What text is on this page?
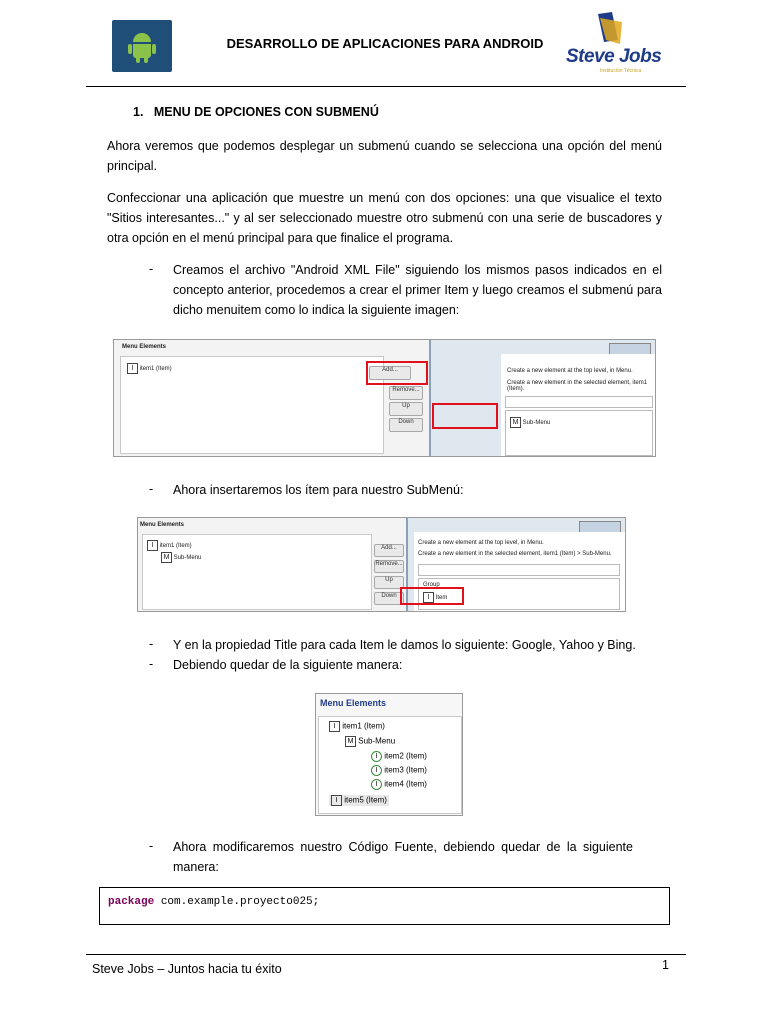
DESARROLLO DE APLICACIONES PARA ANDROID
Steve Jobs
Institución Técnica
1.   MENU DE OPCIONES CON SUBMENÚ
Ahora veremos que podemos desplegar un submenú cuando se selecciona una opción del menú principal.
Confeccionar una aplicación que muestre un menú con dos opciones: una que visualice el texto "Sitios interesantes..." y al ser seleccionado muestre otro submenú con una serie de buscadores y otra opción en el menú principal para que finalice el programa.
- Creamos el archivo "Android XML File" siguiendo los mismos pasos indicados en el concepto anterior, procedemos a crear el primer Item y luego creamos el submenú para dicho menuitem como lo indica la siguiente imagen:
Menu Elements
I item1 (Item)	Add...
Remove...
Up
Down
Create a new element at the top level, in Menu.
Create a new element in the selected element, item1 (Item).
M Sub-Menu
- Ahora insertaremos los ítem para nuestro SubMenú:
Menu Elements
I item1 (Item)
M Sub-Menu
Add...
Remove...
Up
Down
Create a new element at the top level, in Menu.
Create a new element in the selected element, item1 (Item) > Sub-Menu.
Group
I Item
- Y en la propiedad Title para cada Item le damos lo siguiente: Google, Yahoo y Bing.
- Debiendo quedar de la siguiente manera:
Menu Elements
I item1 (Item)
M Sub-Menu
I item2 (Item)
I item3 (Item)
I item4 (Item)
I item5 (Item)
- Ahora modificaremos nuestro Código Fuente, debiendo quedar de la siguiente manera:
package com.example.proyecto025;
Steve Jobs – Juntos hacia tu éxito	1
